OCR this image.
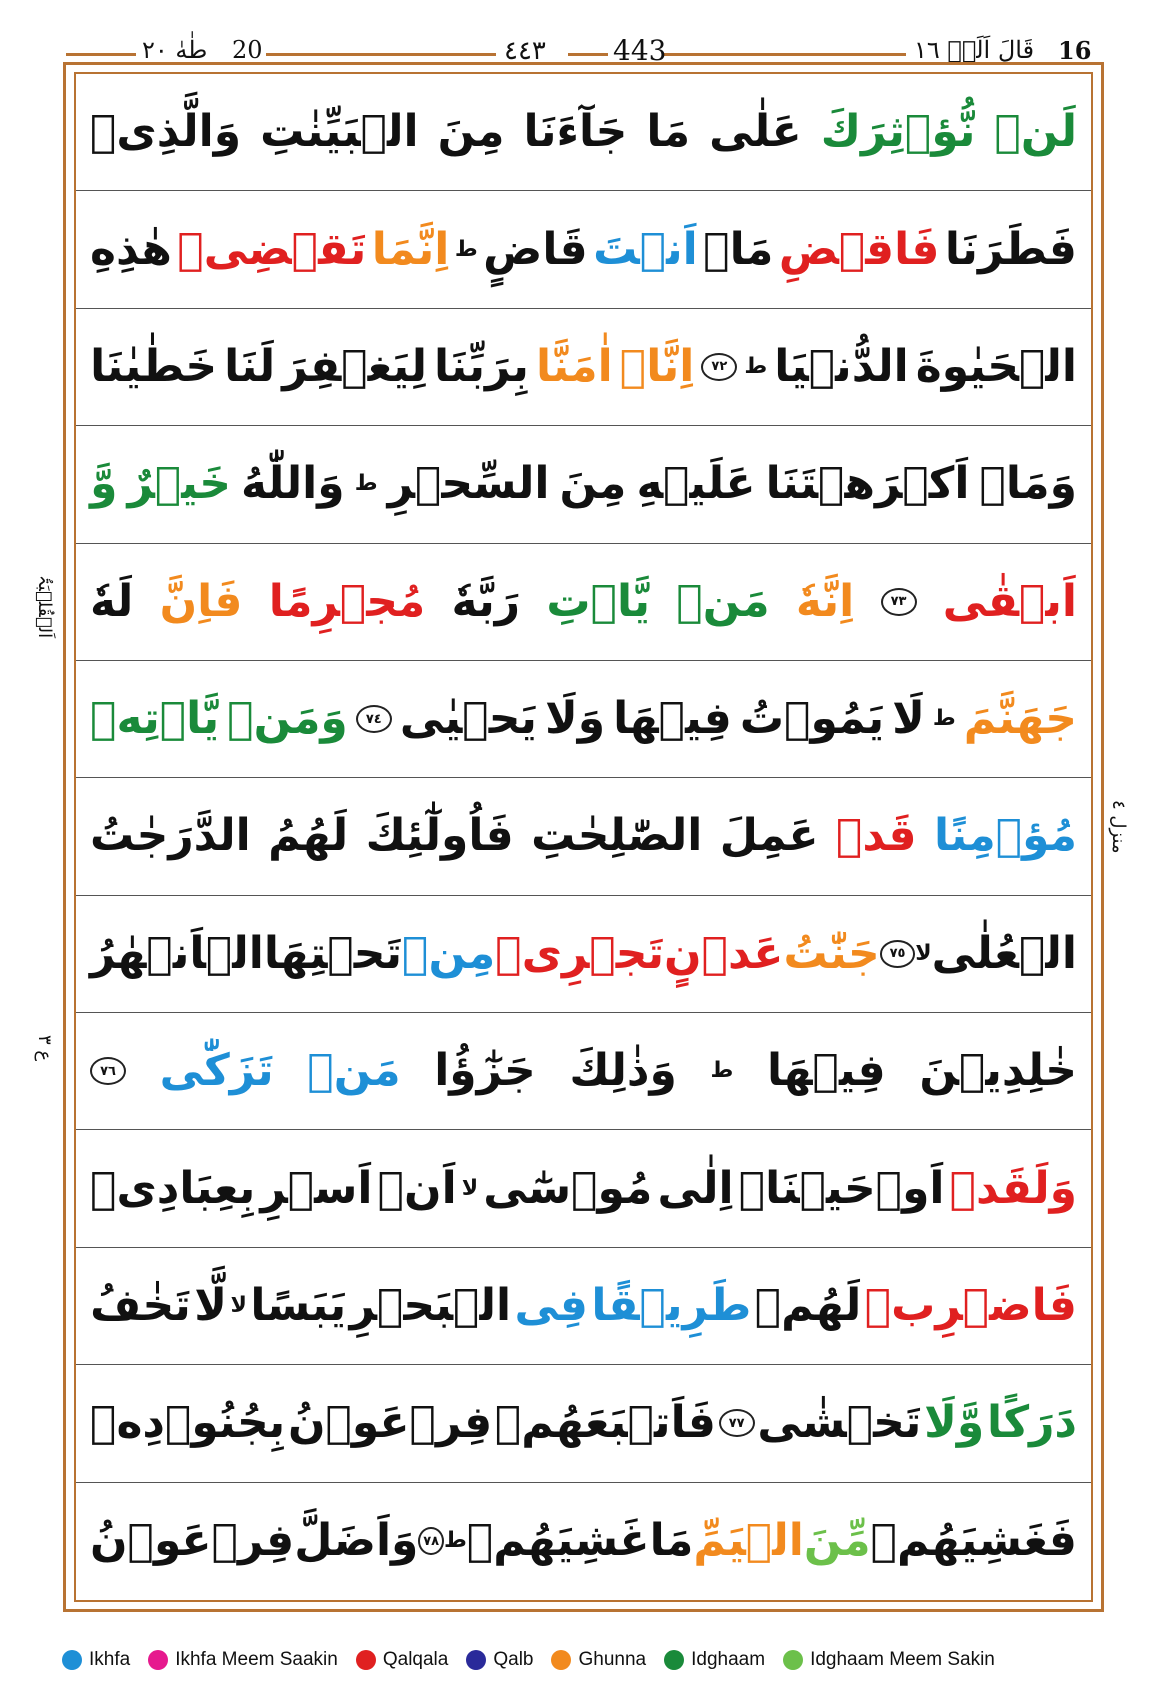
طٰهٰ ٢٠ 20	٤٤٣ 443	قَالَ اَلَمۡ ١٦ 16
لَنۡ
نُّؤۡثِرَكَ
عَلٰى
مَا
جَآءَنَا
مِنَ
الۡبَيِّنٰتِ
وَالَّذِىۡ
فَطَرَنَا
فَاقۡضِ
مَاۤ
اَنۡتَ
قَاضٍ
ط
اِنَّمَا
تَقۡضِىۡ
هٰذِهِ
الۡحَيٰوةَ
الدُّنۡيَا
ط
٧٢
اِنَّاۤ
اٰمَنَّا
بِرَبِّنَا
لِيَغۡفِرَ
لَنَا
خَطٰيٰنَا
وَمَاۤ
اَكۡرَهۡتَنَا
عَلَيۡهِ
مِنَ
السِّحۡرِ
ط
وَاللّٰهُ
خَيۡرٌ
وَّ
اَبۡقٰى
٧٣
اِنَّهٗ
مَنۡ
يَّاۡتِ
رَبَّهٗ
مُجۡرِمًا
فَاِنَّ
لَهٗ
جَهَنَّمَ
ط
لَا
يَمُوۡتُ
فِيۡهَا
وَلَا
يَحۡيٰى
٧٤
وَمَنۡ
يَّاۡتِهٖ
مُؤۡمِنًا
قَدۡ
عَمِلَ
الصّٰلِحٰتِ
فَاُولٰٓئِكَ
لَهُمُ
الدَّرَجٰتُ
الۡعُلٰى
لا
٧٥
جَنّٰتُ
عَدۡنٍ
تَجۡرِىۡ
مِنۡ
تَحۡتِهَا
الۡاَنۡهٰرُ
خٰلِدِيۡنَ
فِيۡهَا
ط
وَذٰلِكَ
جَزٰٓؤُا
مَنۡ
تَزَكّٰى
٧٦
وَلَقَدۡ
اَوۡحَيۡنَاۤ
اِلٰى
مُوۡسٰٓى
لا
اَنۡ
اَسۡرِ
بِعِبَادِىۡ
فَاضۡرِبۡ
لَهُمۡ
طَرِيۡقًا
فِى
الۡبَحۡرِ
يَبَسًا
لا
لَّا
تَخٰفُ
دَرَكًا
وَّلَا
تَخۡشٰى
٧٧
فَاَتۡبَعَهُمۡ
فِرۡعَوۡنُ
بِجُنُوۡدِهٖ
فَغَشِيَهُمۡ
مِّنَ
الۡيَمِّ
مَا
غَشِيَهُمۡ
ط
٧٨
وَاَضَلَّ
فِرۡعَوۡنُ
اَلۡقُلۡبَۃُ
منزل ٤
ع ٣
Ikhfa Ikhfa Meem Saakin Qalqala Qalb Ghunna Idghaam Idghaam Meem Sakin
